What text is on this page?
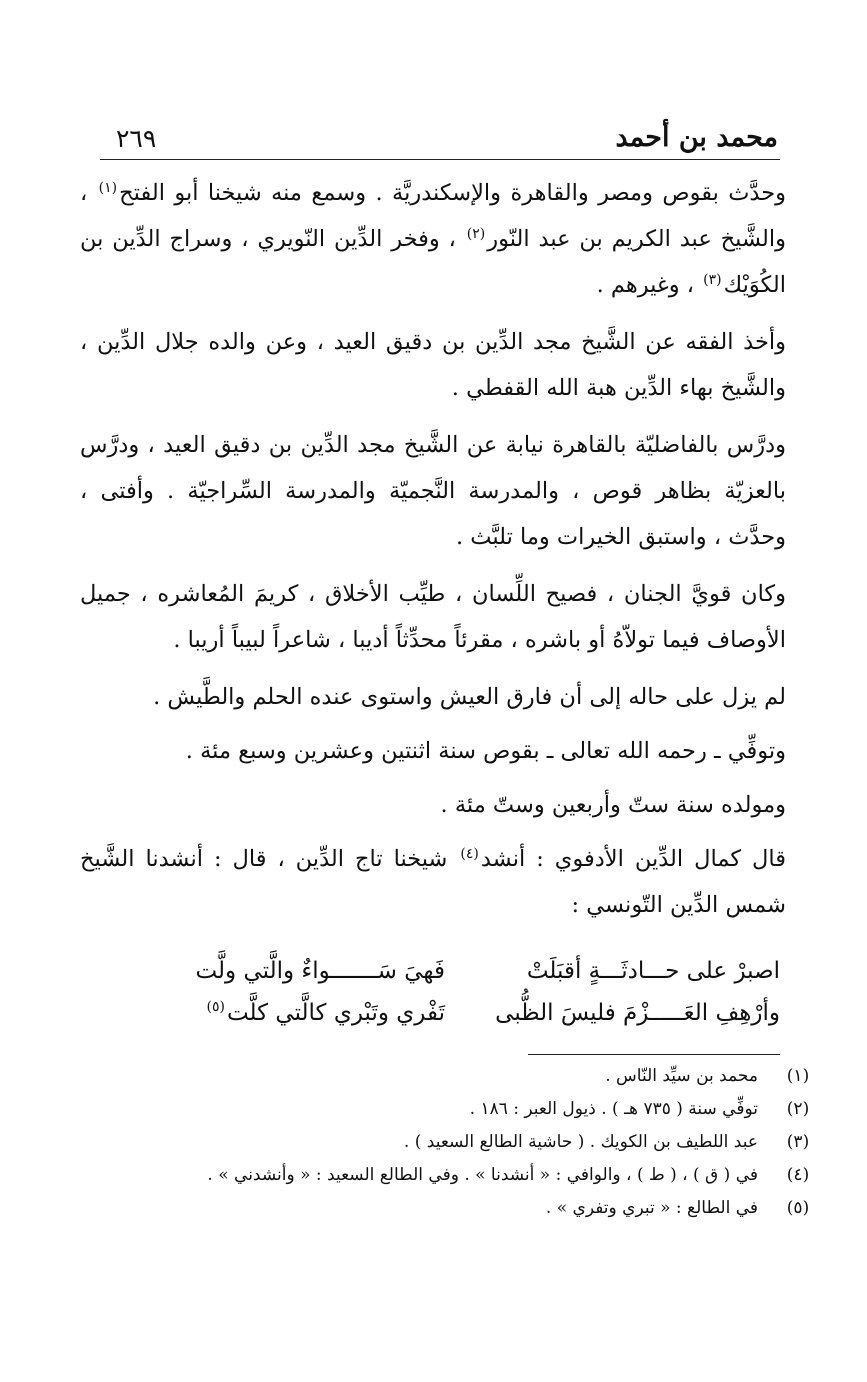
محمد بن أحمد
٢٦٩

وحدَّث بقوص ومصر والقاهرة والإسكندريَّة . وسمع منه شيخنا أبو الفتح$^{(١)}$ ، والشَّيخ عبد الكريم بن عبد النّور$^{(٢)}$ ، وفخر الدِّين النّويري ، وسراج الدِّين بن الكُوَيْك$^{(٣)}$ ، وغيرهم .

وأخذ الفقه عن الشَّيخ مجد الدِّين بن دقيق العيد ، وعن والده جلال الدِّين ، والشَّيخ بهاء الدِّين هبة الله القفطي .

ودرَّس بالفاضليّة بالقاهرة نيابة عن الشَّيخ مجد الدِّين بن دقيق العيد ، ودرَّس بالعزيّة بظاهر قوص ، والمدرسة النَّجميّة والمدرسة السِّراجيّة . وأفتى ، وحدَّث ، واستبق الخيرات وما تلبَّث .

وكان قويَّ الجنان ، فصيح اللِّسان ، طيِّب الأخلاق ، كريمَ المُعاشره ، جميل الأوصاف فيما تولاّهُ أو باشره ، مقرئاً محدِّثاً أديبا ، شاعراً لبيباً أريبا .

لم يزل على حاله إلى أن فارق العيش واستوى عنده الحلم والطَّيش .

وتوفِّي ـ رحمه الله تعالى ـ بقوص سنة اثنتين وعشرين وسبع مئة .

ومولده سنة ستّ وأربعين وستّ مئة .

قال كمال الدِّين الأدفوي : أنشد$^{(٤)}$ شيخنا تاج الدِّين ، قال : أنشدنا الشَّيخ شمس الدِّين التّونسي :

اصبرْ على حـــادثَـــةٍ أقبَلَتْ
فَهيَ سَـــــــواءٌ والَّتي ولَّت
وأرْهِفِ العَـــــزْمَ فليسَ الظُّبى
تَفْري وتَبْري كالَّتي كلَّت$^{(٥)}$
(١)
محمد بن سيِّد النّاس .
(٢)
توفِّي سنة ( ٧٣٥ هـ ) . ذيول العبر : ١٨٦ .
(٣)
عبد اللطيف بن الكويك . ( حاشية الطالع السعيد ) .
(٤)
في ( ق ) ، ( ط ) ، والوافي : « أنشدنا » . وفي الطالع السعيد : « وأنشدني » .
(٥)
في الطالع : « تبري وتفري » .
